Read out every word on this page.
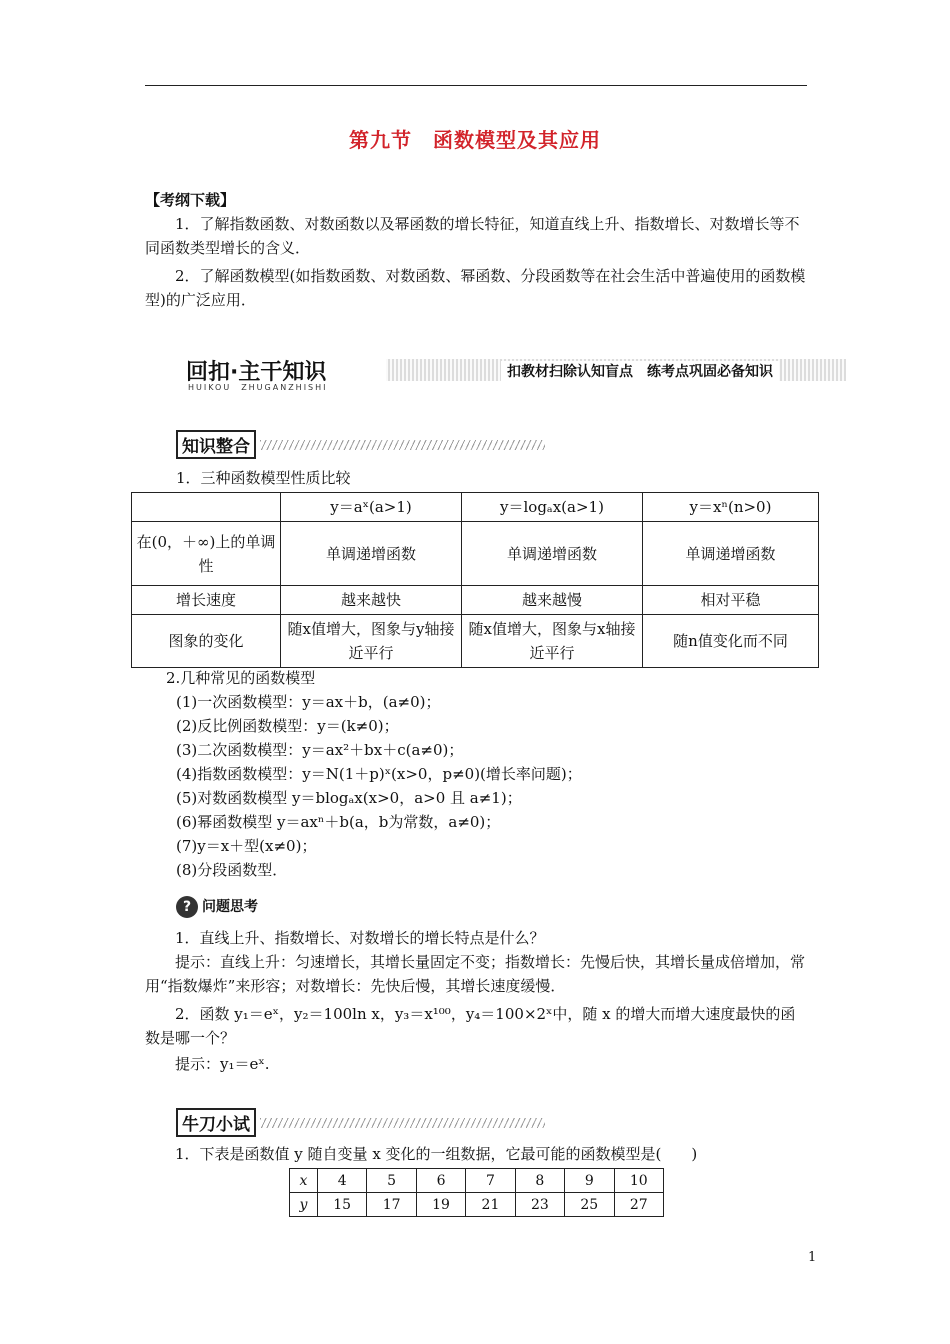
第九节　函数模型及其应用
【考纲下载】
1．了解指数函数、对数函数以及幂函数的增长特征，知道直线上升、指数增长、对数增长等不同函数类型增长的含义．
2．了解函数模型(如指数函数、对数函数、幂函数、分段函数等在社会生活中普遍使用的函数模型)的广泛应用．
回扣·主干知识
HUIKOU　ZHUGANZHISHI
扣教材扫除认知盲点　练考点巩固必备知识
知识整合
1．三种函数模型性质比较
	y＝aˣ(a>1)	y＝logₐx(a>1)	y＝xⁿ(n>0)
在(0，＋∞)上的单调性	单调递增函数	单调递增函数	单调递增函数
增长速度	越来越快	越来越慢	相对平稳
图象的变化	随x值增大，图象与y轴接近平行	随x值增大，图象与x轴接近平行	随n值变化而不同
2.几种常见的函数模型
(1)一次函数模型：y＝ax＋b，(a≠0)；
(2)反比例函数模型：y＝(k≠0)；
(3)二次函数模型：y＝ax²＋bx＋c(a≠0)；
(4)指数函数模型：y＝N(1＋p)ˣ(x>0，p≠0)(增长率问题)；
(5)对数函数模型 y＝blogₐx(x>0，a>0 且 a≠1)；
(6)幂函数模型 y＝axⁿ＋b(a，b为常数，a≠0)；
(7)y＝x＋型(x≠0)；
(8)分段函数型．
? 问题思考
1．直线上升、指数增长、对数增长的增长特点是什么？
提示：直线上升：匀速增长，其增长量固定不变；指数增长：先慢后快，其增长量成倍增加，常用“指数爆炸”来形容；对数增长：先快后慢，其增长速度缓慢．
2．函数 y₁＝eˣ，y₂＝100ln x，y₃＝x¹⁰⁰，y₄＝100×2ˣ中，随 x 的增大而增大速度最快的函数是哪一个？
提示：y₁＝eˣ.
牛刀小试
1．下表是函数值 y 随自变量 x 变化的一组数据，它最可能的函数模型是(　　)
x	4	5	6	7	8	9	10
y	15	17	19	21	23	25	27
1
